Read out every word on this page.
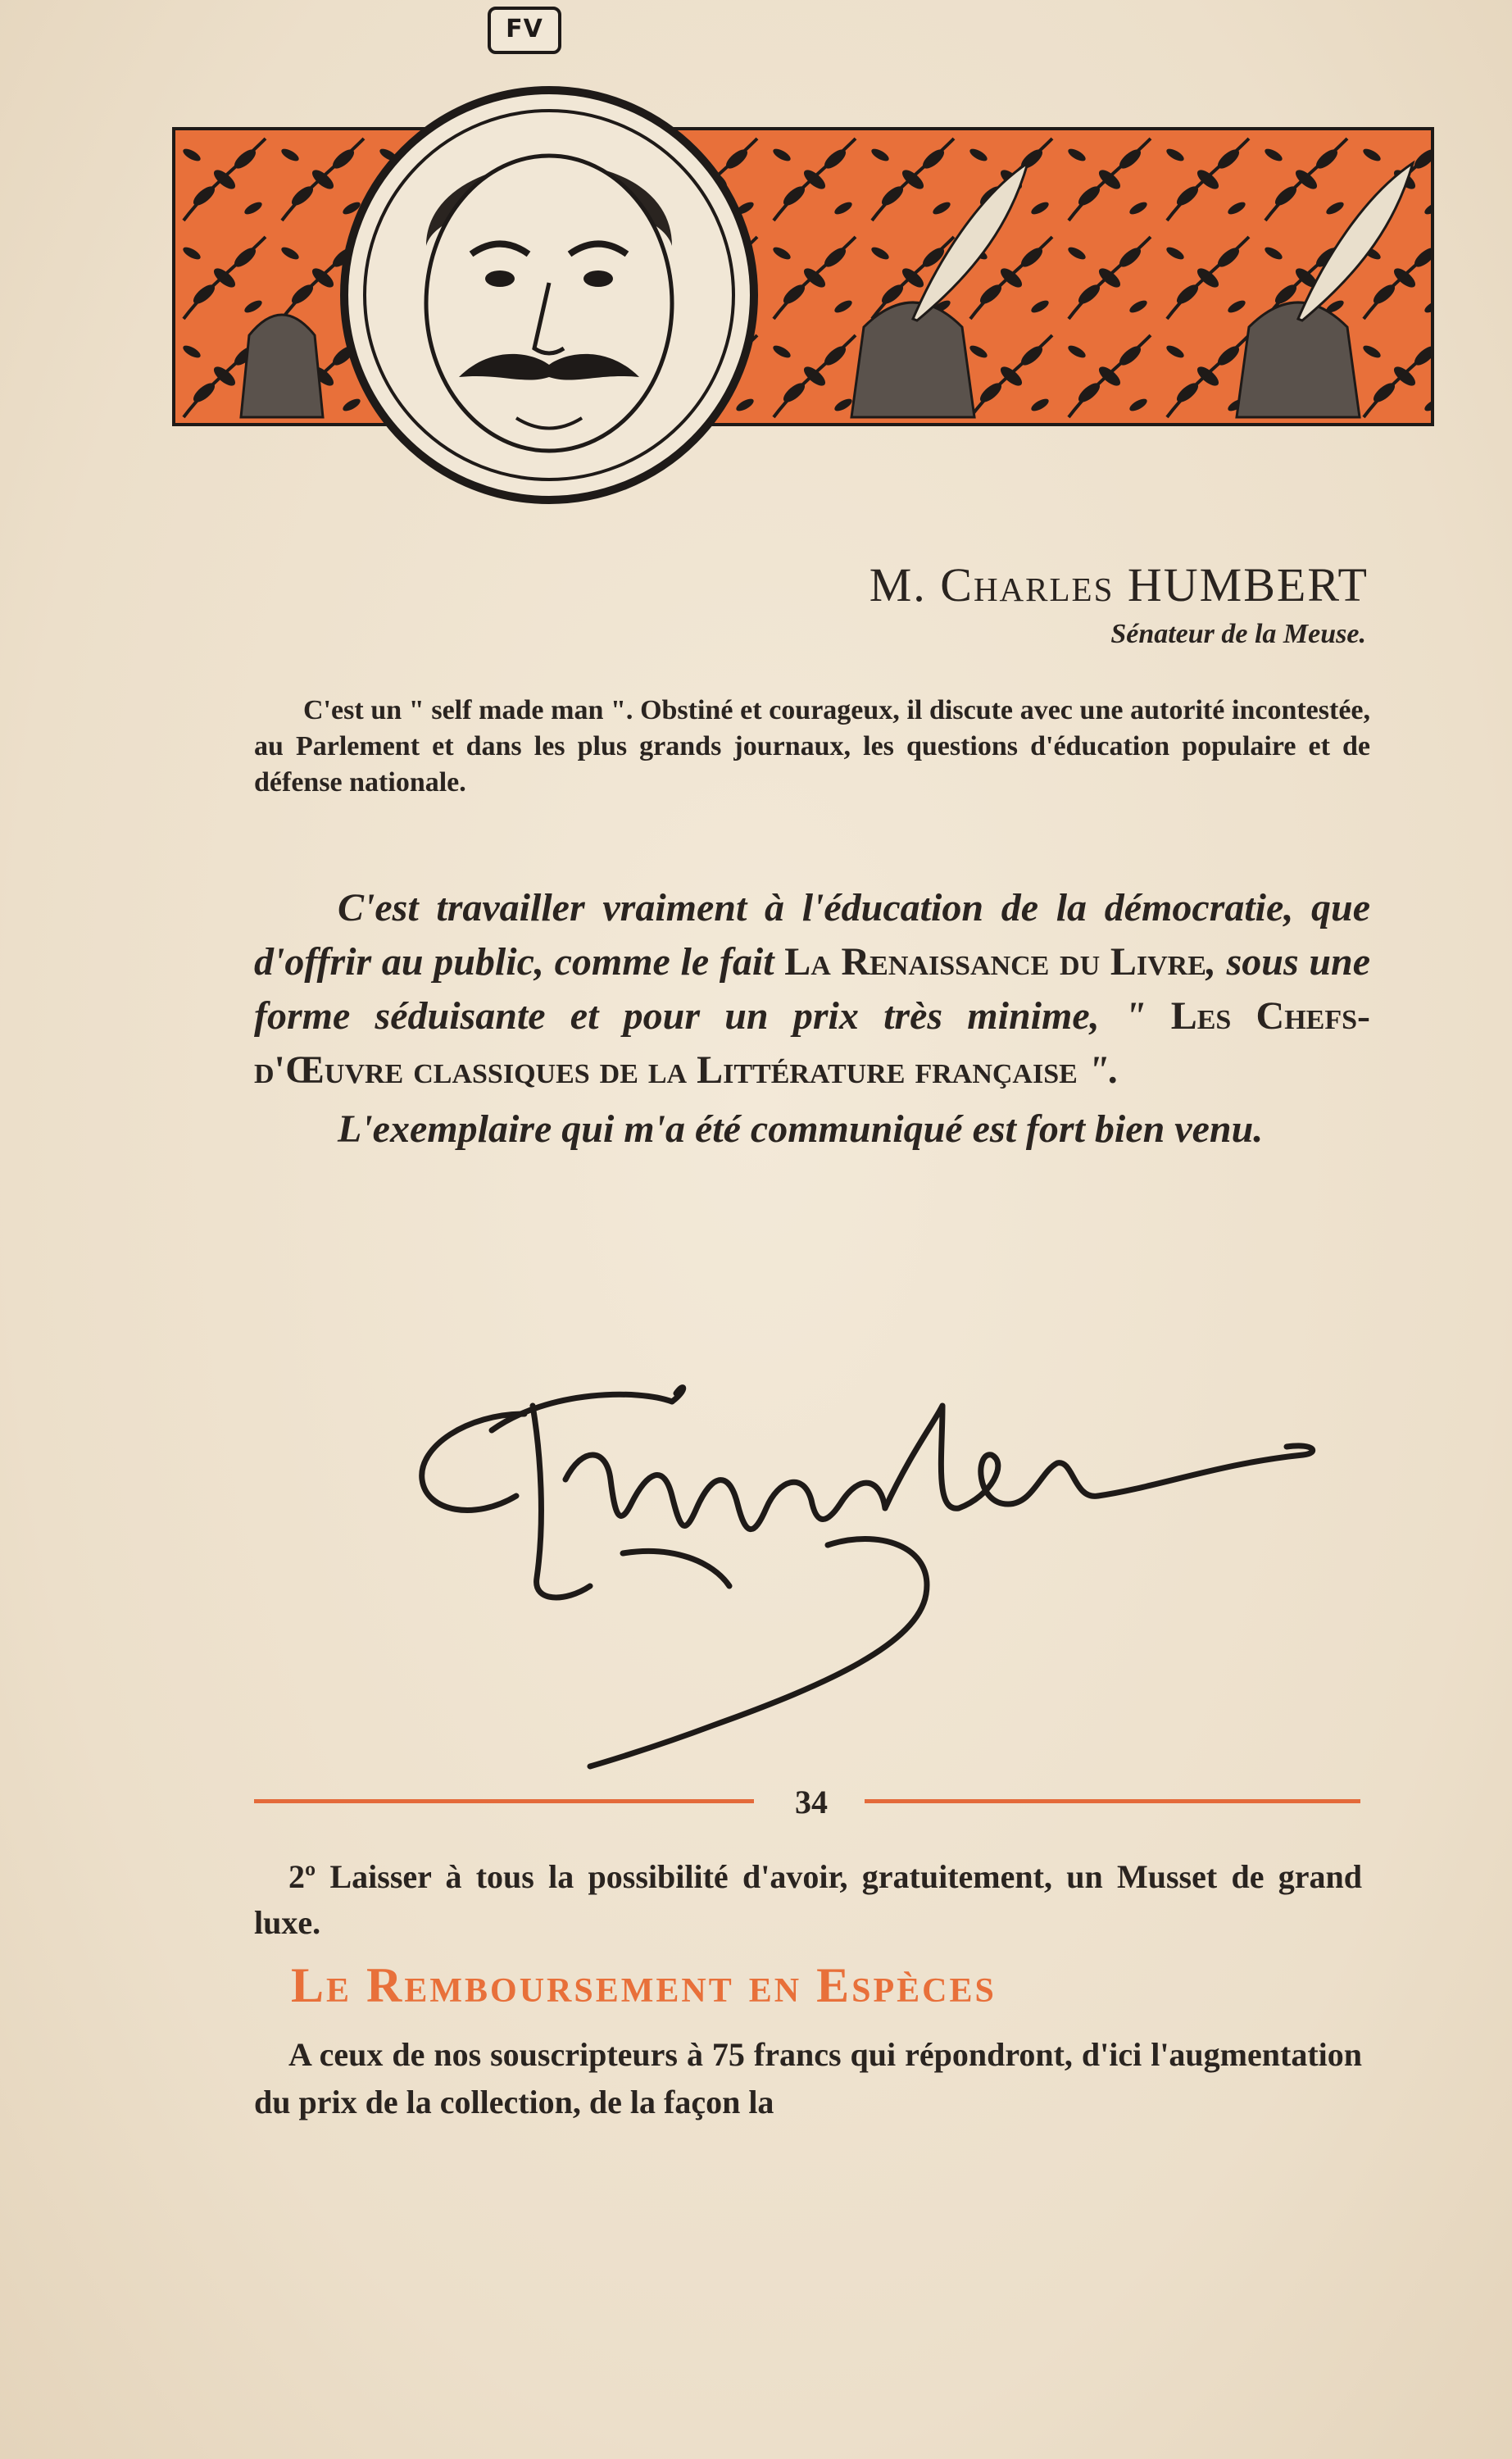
FV
M. Charles HUMBERT
Sénateur de la Meuse.
C'est un " self made man ". Obstiné et courageux, il discute avec une autorité incontestée, au Parlement et dans les plus grands journaux, les questions d'éducation populaire et de défense nationale.

C'est travailler vraiment à l'éducation de la démocratie, que d'offrir au public, comme le fait La Renaissance du Livre, sous une forme séduisante et pour un prix très minime, " Les Chefs-d'Œuvre classiques de la Littérature française ".

L'exemplaire qui m'a été communiqué est fort bien venu.

34
2º Laisser à tous la possibilité d'avoir, gratuitement, un Musset de grand luxe.
Le Remboursement en Espèces
A ceux de nos souscripteurs à 75 francs qui répondront, d'ici l'augmentation du prix de la collection, de la façon la
